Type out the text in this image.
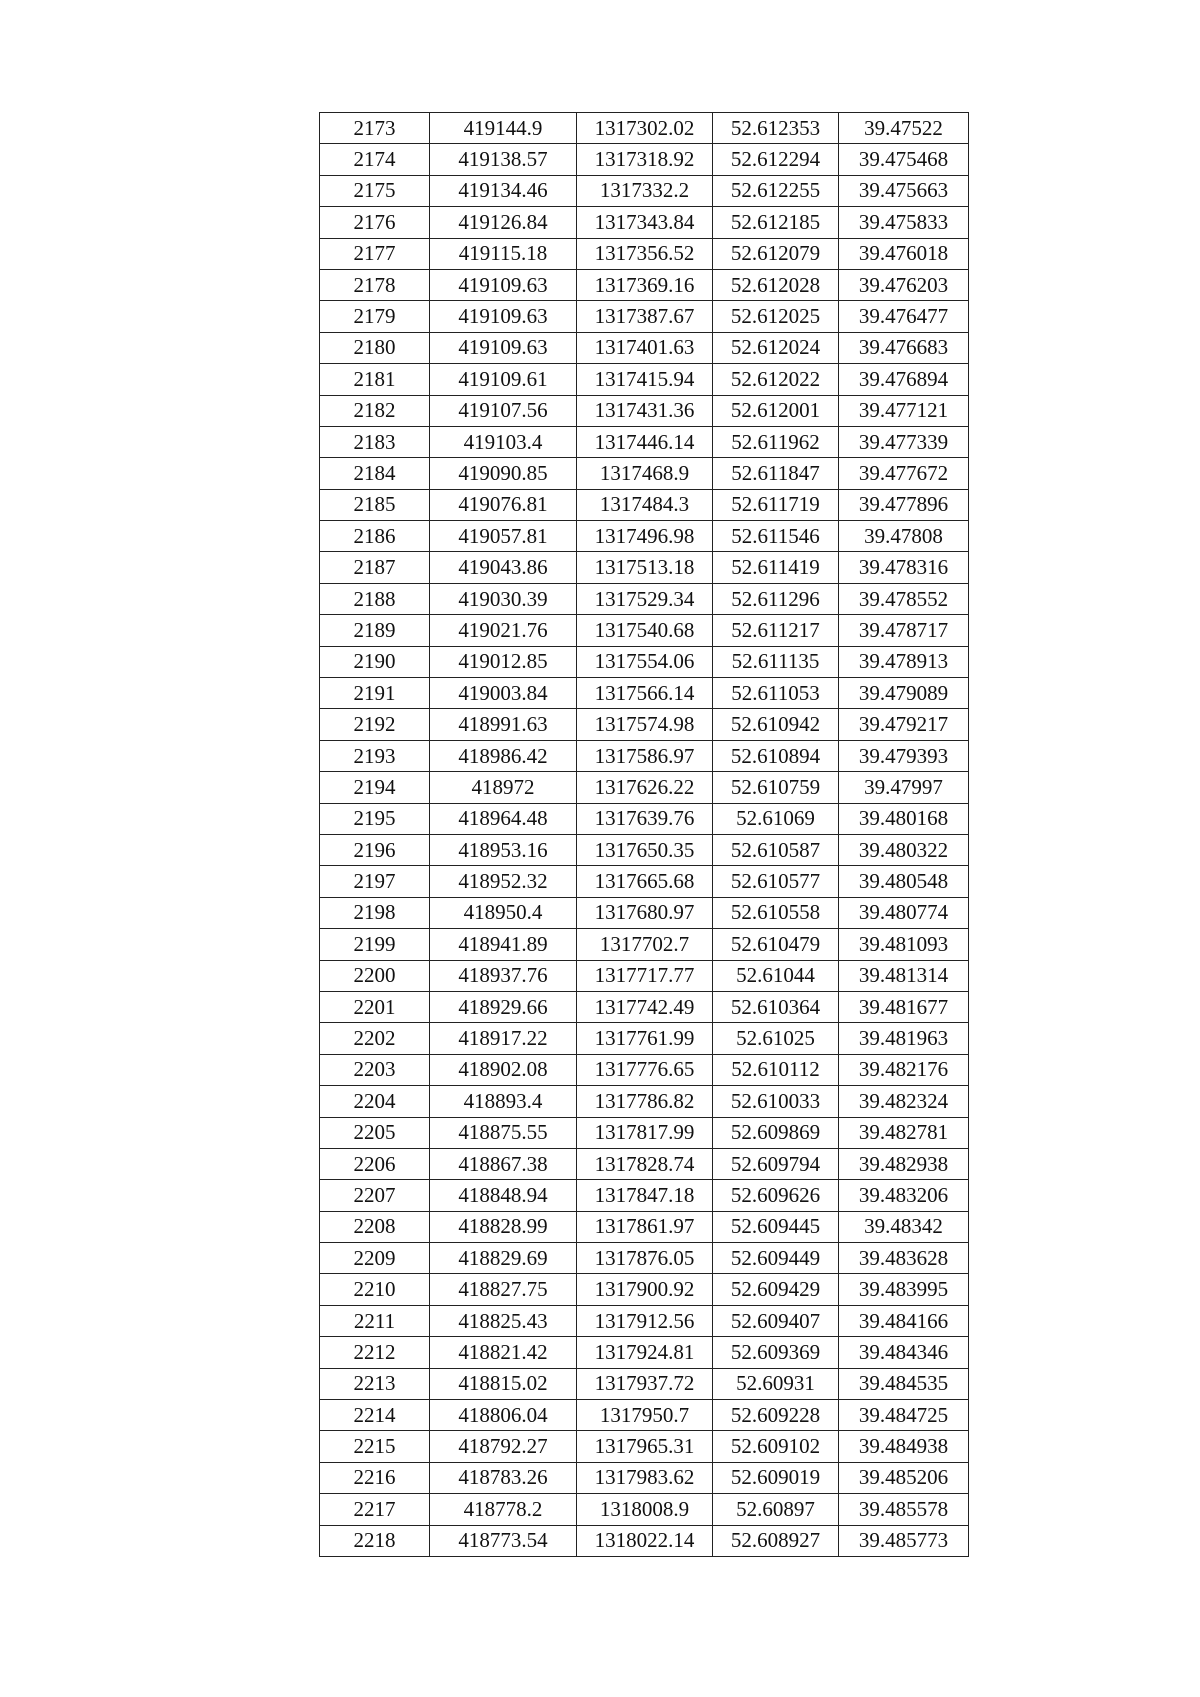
2173	419144.9	1317302.02	52.612353	39.47522
2174	419138.57	1317318.92	52.612294	39.475468
2175	419134.46	1317332.2	52.612255	39.475663
2176	419126.84	1317343.84	52.612185	39.475833
2177	419115.18	1317356.52	52.612079	39.476018
2178	419109.63	1317369.16	52.612028	39.476203
2179	419109.63	1317387.67	52.612025	39.476477
2180	419109.63	1317401.63	52.612024	39.476683
2181	419109.61	1317415.94	52.612022	39.476894
2182	419107.56	1317431.36	52.612001	39.477121
2183	419103.4	1317446.14	52.611962	39.477339
2184	419090.85	1317468.9	52.611847	39.477672
2185	419076.81	1317484.3	52.611719	39.477896
2186	419057.81	1317496.98	52.611546	39.47808
2187	419043.86	1317513.18	52.611419	39.478316
2188	419030.39	1317529.34	52.611296	39.478552
2189	419021.76	1317540.68	52.611217	39.478717
2190	419012.85	1317554.06	52.611135	39.478913
2191	419003.84	1317566.14	52.611053	39.479089
2192	418991.63	1317574.98	52.610942	39.479217
2193	418986.42	1317586.97	52.610894	39.479393
2194	418972	1317626.22	52.610759	39.47997
2195	418964.48	1317639.76	52.61069	39.480168
2196	418953.16	1317650.35	52.610587	39.480322
2197	418952.32	1317665.68	52.610577	39.480548
2198	418950.4	1317680.97	52.610558	39.480774
2199	418941.89	1317702.7	52.610479	39.481093
2200	418937.76	1317717.77	52.61044	39.481314
2201	418929.66	1317742.49	52.610364	39.481677
2202	418917.22	1317761.99	52.61025	39.481963
2203	418902.08	1317776.65	52.610112	39.482176
2204	418893.4	1317786.82	52.610033	39.482324
2205	418875.55	1317817.99	52.609869	39.482781
2206	418867.38	1317828.74	52.609794	39.482938
2207	418848.94	1317847.18	52.609626	39.483206
2208	418828.99	1317861.97	52.609445	39.48342
2209	418829.69	1317876.05	52.609449	39.483628
2210	418827.75	1317900.92	52.609429	39.483995
2211	418825.43	1317912.56	52.609407	39.484166
2212	418821.42	1317924.81	52.609369	39.484346
2213	418815.02	1317937.72	52.60931	39.484535
2214	418806.04	1317950.7	52.609228	39.484725
2215	418792.27	1317965.31	52.609102	39.484938
2216	418783.26	1317983.62	52.609019	39.485206
2217	418778.2	1318008.9	52.60897	39.485578
2218	418773.54	1318022.14	52.608927	39.485773
